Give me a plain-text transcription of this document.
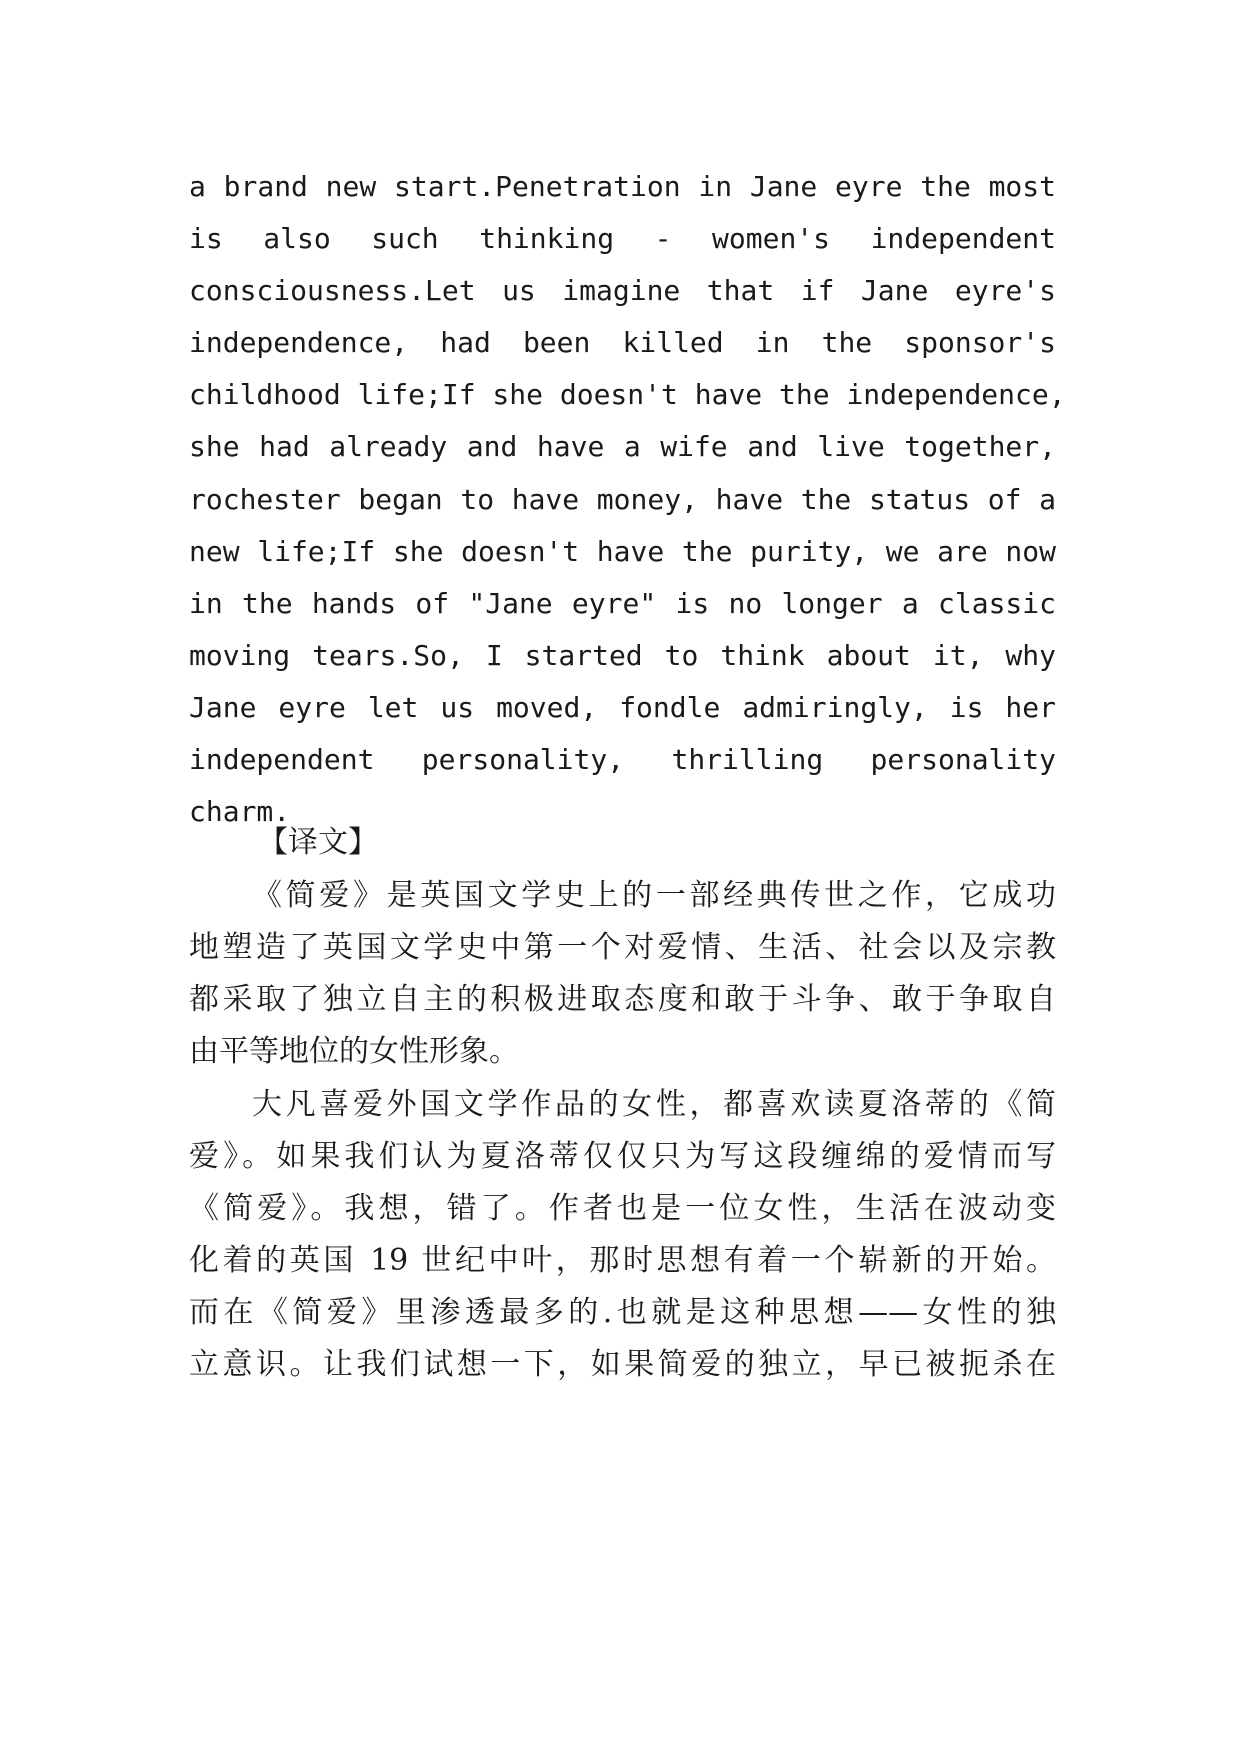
a brand new start.Penetration in Jane eyre the most
is also such thinking - women's independent
consciousness.Let us imagine that if Jane eyre's
independence, had been killed in the sponsor's
childhood life;If she doesn't have the independence,
she had already and have a wife and live together,
rochester began to have money, have the status of a
new life;If she doesn't have the purity, we are now
in the hands of "Jane eyre" is no longer a classic
moving tears.So, I started to think about it, why
Jane eyre let us moved, fondle admiringly, is her
independent personality, thrilling personality
charm.
【译文】
《简爱》是英国文学史上的一部经典传世之作，它成功
地塑造了英国文学史中第一个对爱情、生活、社会以及宗教
都采取了独立自主的积极进取态度和敢于斗争、敢于争取自
由平等地位的女性形象。
大凡喜爱外国文学作品的女性，都喜欢读夏洛蒂的《简
爱》。如果我们认为夏洛蒂仅仅只为写这段缠绵的爱情而写
《简爱》。我想，错了。作者也是一位女性，生活在波动变
化着的英国 19 世纪中叶，那时思想有着一个崭新的开始。
而在《简爱》里渗透最多的.也就是这种思想——女性的独
立意识。让我们试想一下，如果简爱的独立，早已被扼杀在
